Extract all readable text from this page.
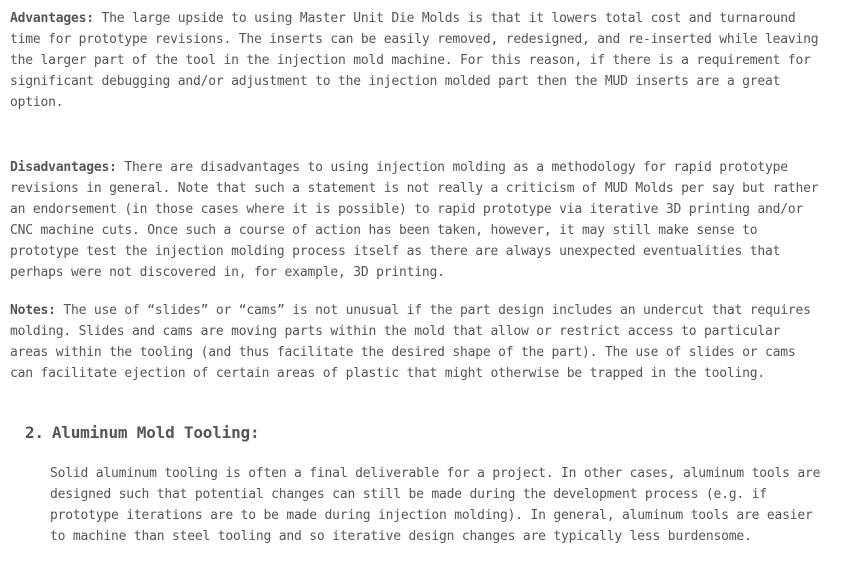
Advantages: The large upside to using Master Unit Die Molds is that it lowers total cost and turnaround time for prototype revisions. The inserts can be easily removed, redesigned, and re-inserted while leaving the larger part of the tool in the injection mold machine. For this reason, if there is a requirement for significant debugging and/or adjustment to the injection molded part then the MUD inserts are a great option.

Disadvantages: There are disadvantages to using injection molding as a methodology for rapid prototype revisions in general. Note that such a statement is not really a criticism of MUD Molds per say but rather an endorsement (in those cases where it is possible) to rapid prototype via iterative 3D printing and/or CNC machine cuts. Once such a course of action has been taken, however, it may still make sense to prototype test the injection molding process itself as there are always unexpected eventualities that perhaps were not discovered in, for example, 3D printing.

Notes: The use of “slides” or “cams” is not unusual if the part design includes an undercut that requires molding. Slides and cams are moving parts within the mold that allow or restrict access to particular areas within the tooling (and thus facilitate the desired shape of the part). The use of slides or cams can facilitate ejection of certain areas of plastic that might otherwise be trapped in the tooling.

2. Aluminum Mold Tooling:

Solid aluminum tooling is often a final deliverable for a project. In other cases, aluminum tools are designed such that potential changes can still be made during the development process (e.g. if prototype iterations are to be made during injection molding). In general, aluminum tools are easier to machine than steel tooling and so iterative design changes are typically less burdensome.
